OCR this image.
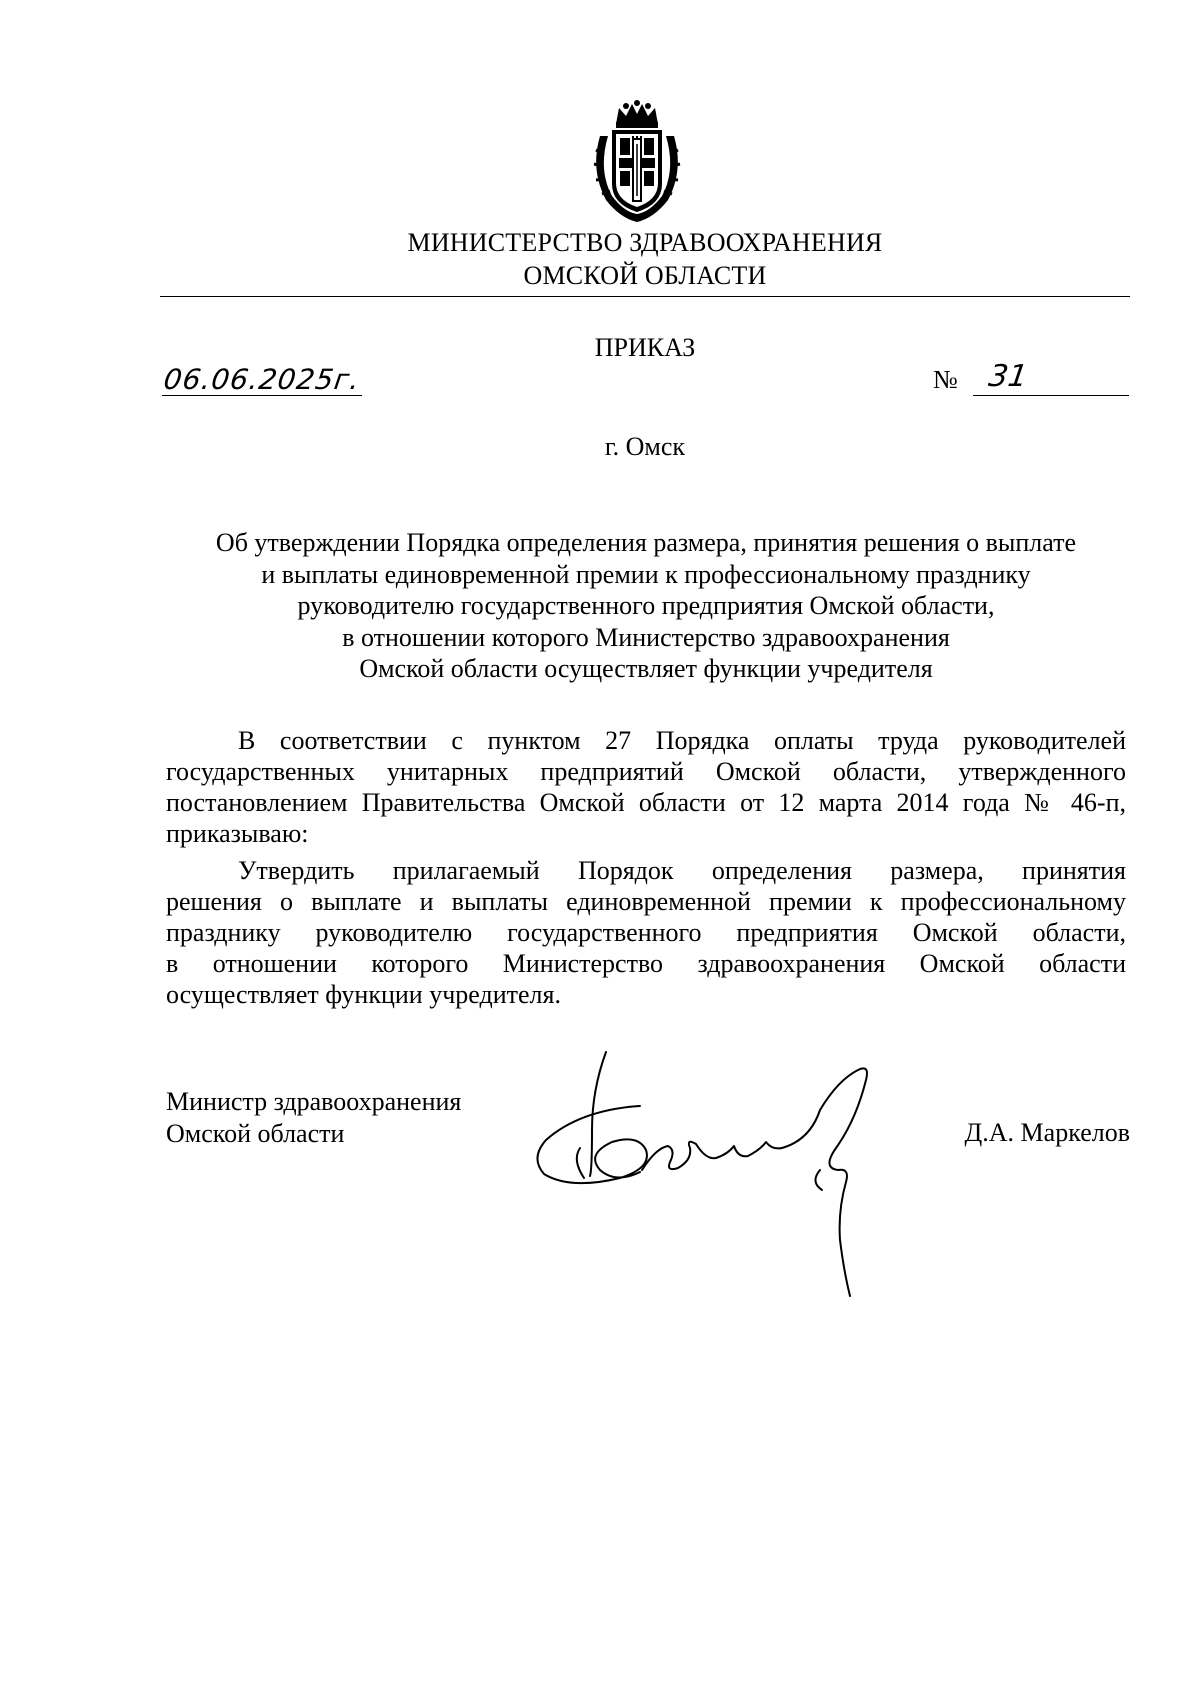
МИНИСТЕРСТВО ЗДРАВООХРАНЕНИЯ
ОМСКОЙ ОБЛАСТИ
ПРИКАЗ
06.06.2025г.	№ 31
г. Омск
Об утверждении Порядка определения размера, принятия решения о выплате
и выплаты единовременной премии к профессиональному празднику
руководителю государственного предприятия Омской области,
в отношении которого Министерство здравоохранения
Омской области осуществляет функции учредителя
В соответствии с пунктом 27 Порядка оплаты труда руководителей
государственных унитарных предприятий Омской области, утвержденного
постановлением Правительства Омской области от 12 марта 2014 года № 46-п,
приказываю:
Утвердить прилагаемый Порядок определения размера, принятия
решения о выплате и выплаты единовременной премии к профессиональному
празднику руководителю государственного предприятия Омской области,
в отношении которого Министерство здравоохранения Омской области
осуществляет функции учредителя.
Министр здравоохранения
Омской области	Д.А. Маркелов
